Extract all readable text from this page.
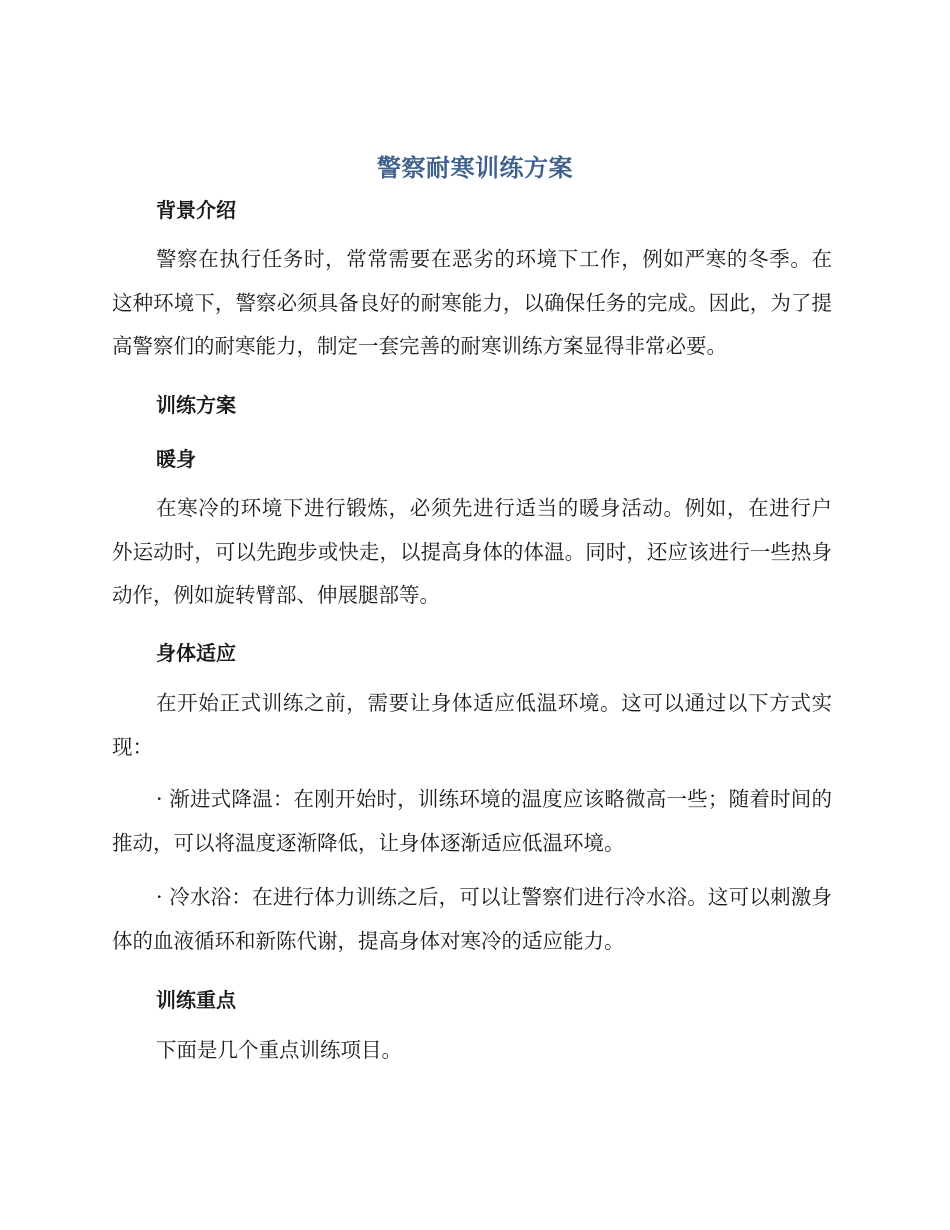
警察耐寒训练方案
背景介绍
警察在执行任务时，常常需要在恶劣的环境下工作，例如严寒的冬季。在这种环境下，警察必须具备良好的耐寒能力，以确保任务的完成。因此，为了提高警察们的耐寒能力，制定一套完善的耐寒训练方案显得非常必要。
训练方案
暖身
在寒冷的环境下进行锻炼，必须先进行适当的暖身活动。例如，在进行户外运动时，可以先跑步或快走，以提高身体的体温。同时，还应该进行一些热身动作，例如旋转臂部、伸展腿部等。
身体适应
在开始正式训练之前，需要让身体适应低温环境。这可以通过以下方式实现：
· 渐进式降温：在刚开始时，训练环境的温度应该略微高一些；随着时间的推动，可以将温度逐渐降低，让身体逐渐适应低温环境。
· 冷水浴：在进行体力训练之后，可以让警察们进行冷水浴。这可以刺激身体的血液循环和新陈代谢，提高身体对寒冷的适应能力。
训练重点
下面是几个重点训练项目。
